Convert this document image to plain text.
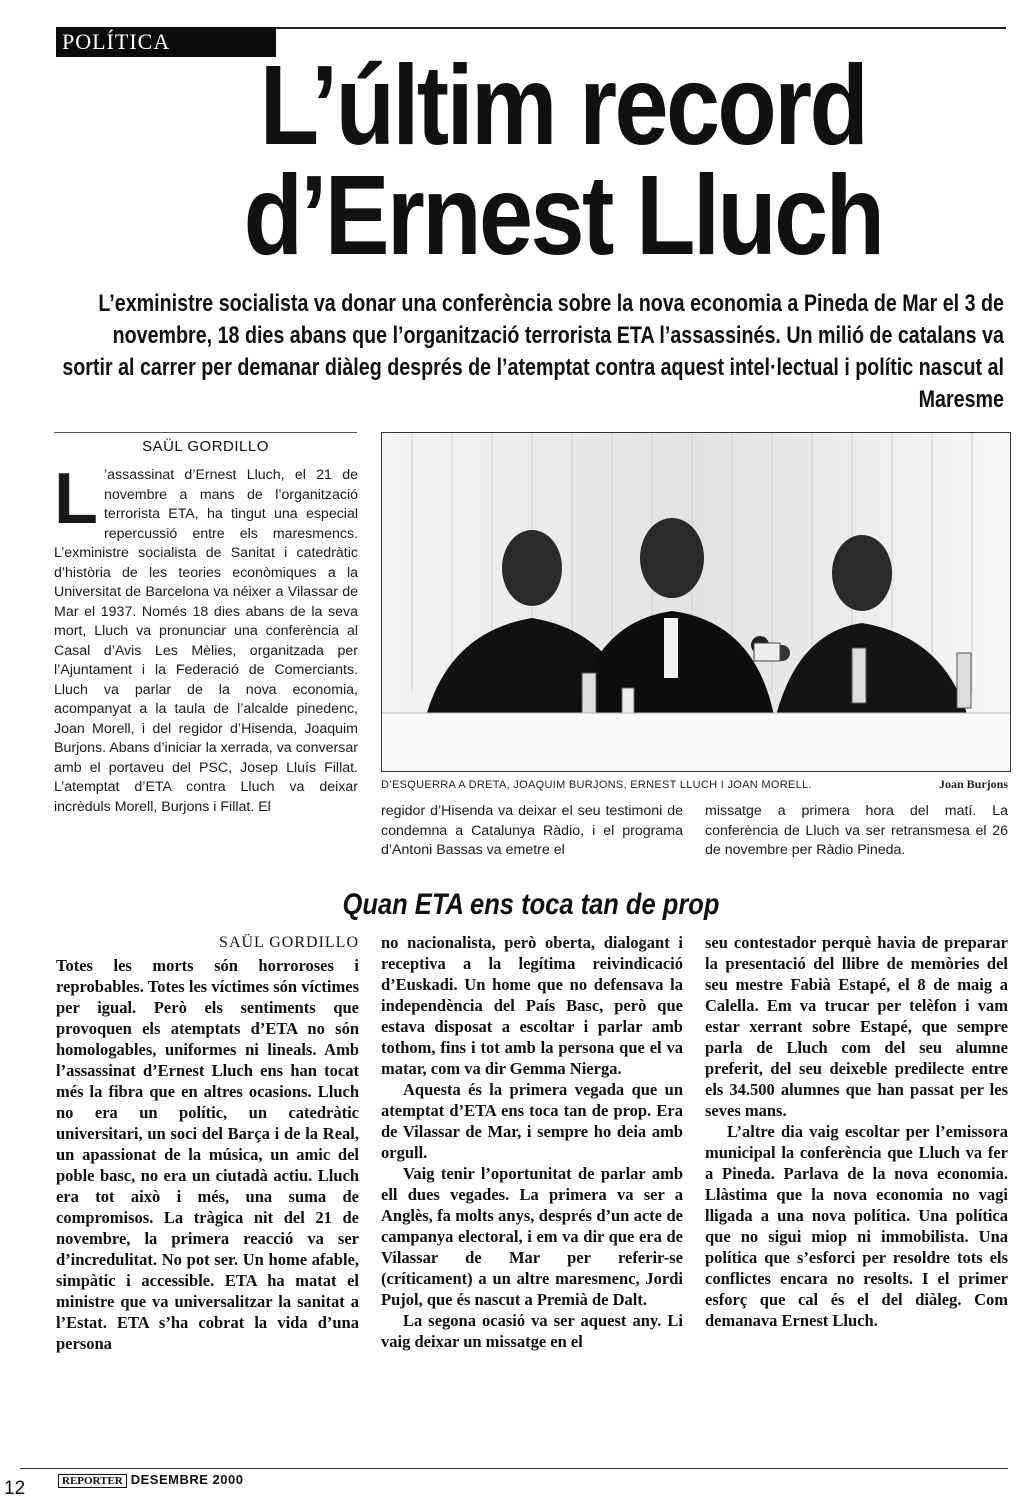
POLÍTICA
L’últim record
d’Ernest Lluch
L’exministre socialista va donar una conferència sobre la nova economia a Pineda de Mar el 3 de novembre, 18 dies abans que l’organització terrorista ETA l’assassinés. Un milió de catalans va sortir al carrer per demanar diàleg després de l’atemptat contra aquest intel·lectual i polític nascut al Maresme
SAÜL GORDILLO
L ’assassinat d’Ernest Lluch, el 21 de novembre a mans de l’organització terrorista ETA, ha tingut una especial repercussió entre els maresmencs. L’exministre socialista de Sanitat i catedràtic d’història de les teories econòmiques a la Universitat de Barcelona va néixer a Vilassar de Mar el 1937. Només 18 dies abans de la seva mort, Lluch va pronunciar una conferència al Casal d’Avis Les Mèlies, organitzada per l’Ajuntament i la Federació de Comerciants. Lluch va parlar de la nova economia, acompanyat a la taula de l’alcalde pinedenc, Joan Morell, i del regidor d’Hisenda, Joaquim Burjons. Abans d’iniciar la xerrada, va conversar amb el portaveu del PSC, Josep Lluís Fillat. L’atemptat d’ETA contra Lluch va deixar incrèduls Morell, Burjons i Fillat. El
D’ESQUERRA A DRETA, JOAQUIM BURJONS, ERNEST LLUCH I JOAN MORELL.	Joan Burjons
regidor d’Hisenda va deixar el seu testimoni de condemna a Catalunya Ràdio, i el programa d’Antoni Bassas va emetre el
missatge a primera hora del matí. La conferència de Lluch va ser retransmesa el 26 de novembre per Ràdio Pineda.
Quan ETA ens toca tan de prop
SAÜL GORDILLO

Totes les morts són horroroses i reprobables. Totes les víctimes són víctimes per igual. Però els sentiments que provoquen els atemptats d’ETA no són homologables, uniformes ni lineals. Amb l’assassinat d’Ernest Lluch ens han tocat més la fibra que en altres ocasions. Lluch no era un polític, un catedràtic universitari, un soci del Barça i de la Real, un apassionat de la música, un amic del poble basc, no era un ciutadà actiu. Lluch era tot això i més, una suma de compromisos. La tràgica nit del 21 de novembre, la primera reacció va ser d’incredulitat. No pot ser. Un home afable, simpàtic i accessible. ETA ha matat el ministre que va universalitzar la sanitat a l’Estat. ETA s’ha cobrat la vida d’una persona

no nacionalista, però oberta, dialogant i receptiva a la legítima reivindicació d’Euskadi. Un home que no defensava la independència del País Basc, però que estava disposat a escoltar i parlar amb tothom, fins i tot amb la persona que el va matar, com va dir Gemma Nierga.

Aquesta és la primera vegada que un atemptat d’ETA ens toca tan de prop. Era de Vilassar de Mar, i sempre ho deia amb orgull.

Vaig tenir l’oportunitat de parlar amb ell dues vegades. La primera va ser a Anglès, fa molts anys, després d’un acte de campanya electoral, i em va dir que era de Vilassar de Mar per referir-se (críticament) a un altre maresmenc, Jordi Pujol, que és nascut a Premià de Dalt.

La segona ocasió va ser aquest any. Li vaig deixar un missatge en el

seu contestador perquè havia de preparar la presentació del llibre de memòries del seu mestre Fabià Estapé, el 8 de maig a Calella. Em va trucar per telèfon i vam estar xerrant sobre Estapé, que sempre parla de Lluch com del seu alumne preferit, del seu deixeble predilecte entre els 34.500 alumnes que han passat per les seves mans.

L’altre dia vaig escoltar per l’emissora municipal la conferència que Lluch va fer a Pineda. Parlava de la nova economia. Llàstima que la nova economia no vagi lligada a una nova política. Una política que no sigui miop ni immobilista. Una política que s’esforci per resoldre tots els conflictes encara no resolts. I el primer esforç que cal és el del diàleg. Com demanava Ernest Lluch.

REPORTER DESEMBRE 2000
12
